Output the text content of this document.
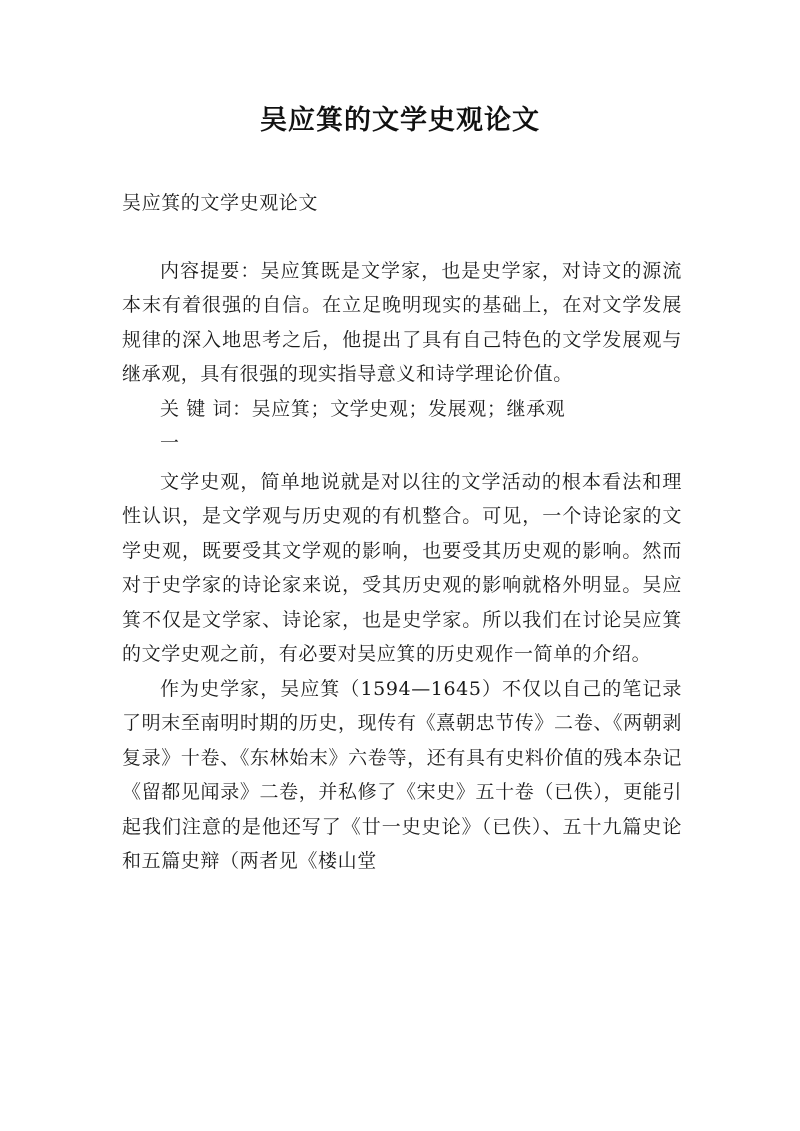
吴应箕的文学史观论文

吴应箕的文学史观论文

内容提要：吴应箕既是文学家，也是史学家，对诗文的源流本末有着很强的自信。在立足晚明现实的基础上，在对文学发展规律的深入地思考之后，他提出了具有自己特色的文学发展观与继承观，具有很强的现实指导意义和诗学理论价值。

关 键 词：吴应箕；文学史观；发展观；继承观

一

文学史观，简单地说就是对以往的文学活动的根本看法和理性认识，是文学观与历史观的有机整合。可见，一个诗论家的文学史观，既要受其文学观的影响，也要受其历史观的影响。然而对于史学家的诗论家来说，受其历史观的影响就格外明显。吴应箕不仅是文学家、诗论家，也是史学家。所以我们在讨论吴应箕的文学史观之前，有必要对吴应箕的历史观作一简单的介绍。

作为史学家，吴应箕（1594—1645）不仅以自己的笔记录了明末至南明时期的历史，现传有《熹朝忠节传》二卷、《两朝剥复录》十卷、《东林始末》六卷等，还有具有史料价值的残本杂记《留都见闻录》二卷，并私修了《宋史》五十卷（已佚），更能引起我们注意的是他还写了《廿一史史论》（已佚）、五十九篇史论和五篇史辩（两者见《楼山堂
